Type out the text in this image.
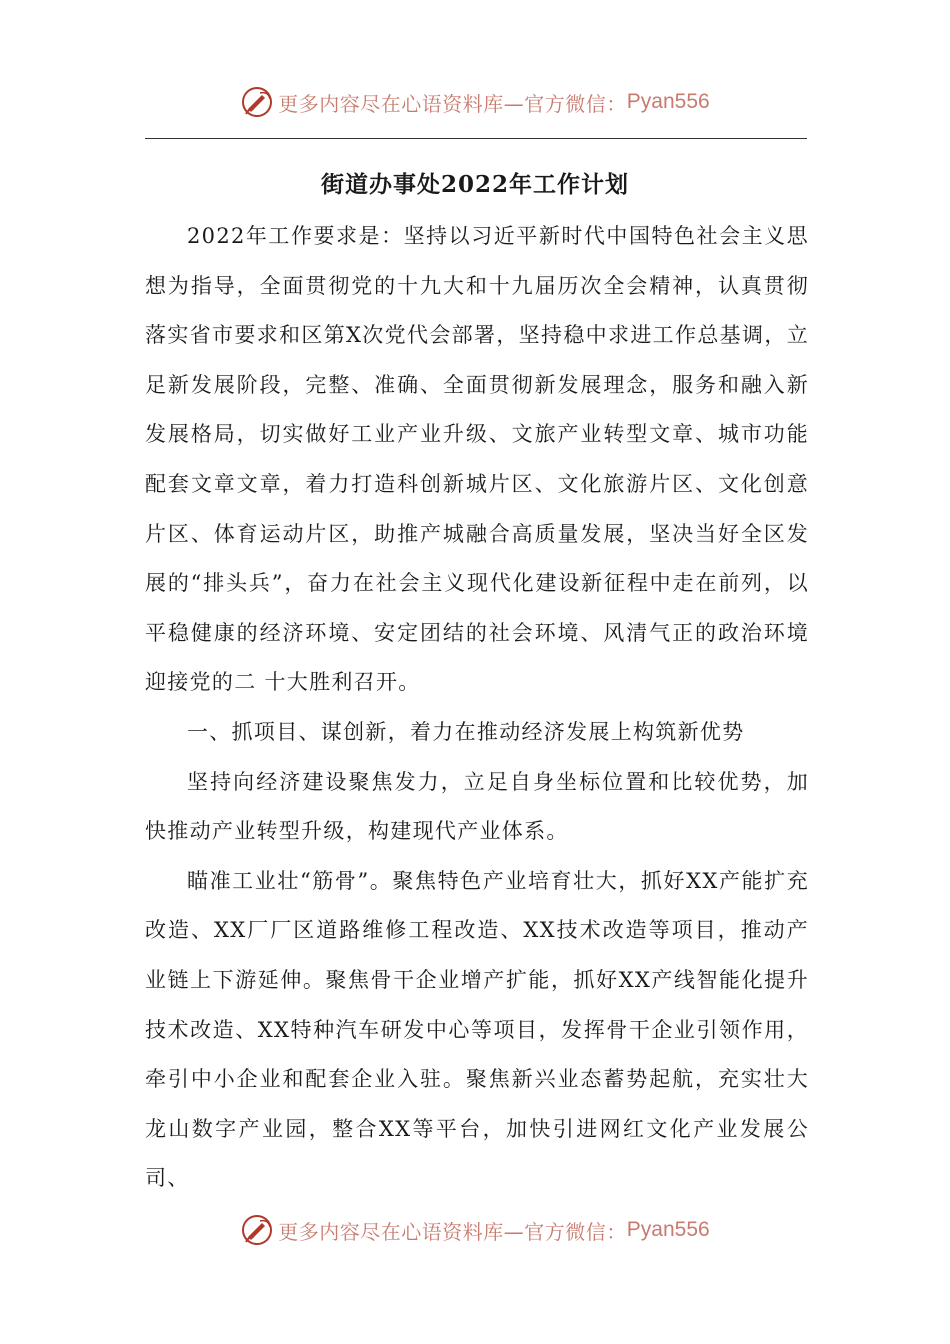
更多内容尽在心语资料库—官方微信： Pyan556
街道办事处2022年工作计划

2022年工作要求是：坚持以习近平新时代中国特色社会主义思想为指导，全面贯彻党的十九大和十九届历次全会精神，认真贯彻落实省市要求和区第X次党代会部署，坚持稳中求进工作总基调，立足新发展阶段，完整、准确、全面贯彻新发展理念，服务和融入新发展格局，切实做好工业产业升级、文旅产业转型文章、城市功能配套文章文章，着力打造科创新城片区、文化旅游片区、文化创意片区、体育运动片区，助推产城融合高质量发展，坚决当好全区发展的“排头兵”，奋力在社会主义现代化建设新征程中走在前列，以平稳健康的经济环境、安定团结的社会环境、风清气正的政治环境迎接党的二 十大胜利召开。

一、抓项目、谋创新，着力在推动经济发展上构筑新优势

坚持向经济建设聚焦发力，立足自身坐标位置和比较优势，加快推动产业转型升级，构建现代产业体系。

瞄准工业壮“筋骨”。聚焦特色产业培育壮大，抓好XX产能扩充改造、XX厂厂区道路维修工程改造、XX技术改造等项目，推动产业链上下游延伸。聚焦骨干企业增产扩能，抓好XX产线智能化提升技术改造、XX特种汽车研发中心等项目，发挥骨干企业引领作用，牵引中小企业和配套企业入驻。聚焦新兴业态蓄势起航，充实壮大龙山数字产业园，整合XX等平台，加快引进网红文化产业发展公司、

更多内容尽在心语资料库—官方微信： Pyan556
